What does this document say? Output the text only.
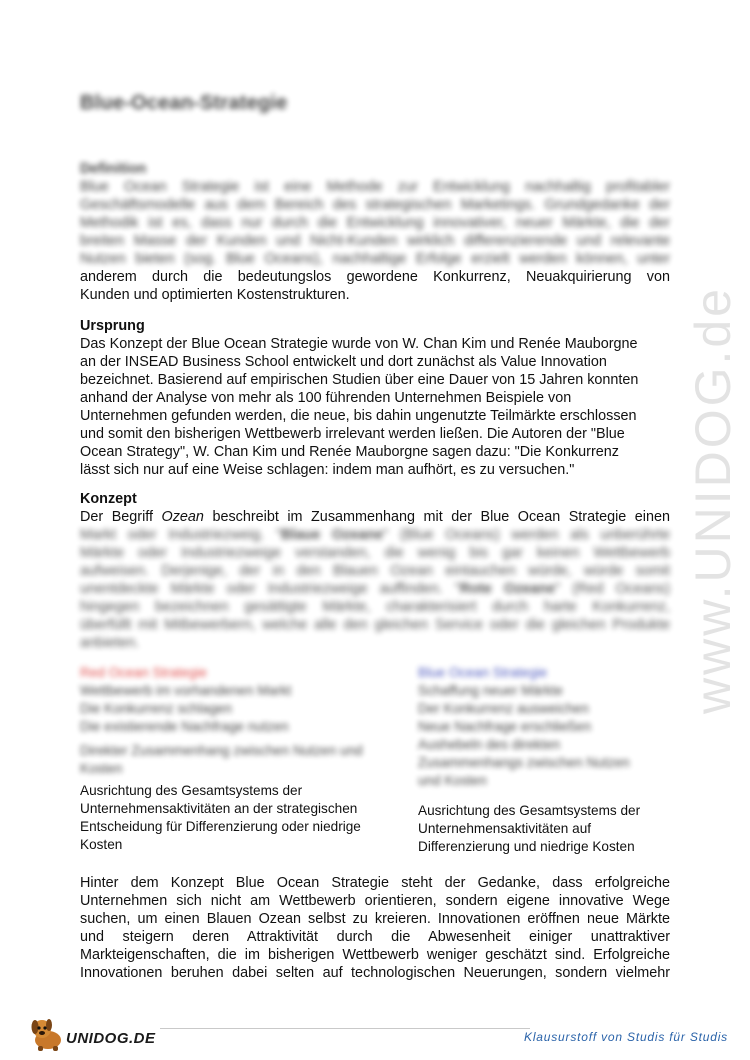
Blue-Ocean-Strategie
Definition
Blue Ocean Strategie ist eine Methode zur Entwicklung nachhaltig profitabler
Geschäftsmodelle aus dem Bereich des strategischen Marketings. Grundgedanke der
Methodik ist es, dass nur durch die Entwicklung innovativer, neuer Märkte, die der
breiten Masse der Kunden und Nicht-Kunden wirklich differenzierende und relevante
Nutzen bieten (sog. Blue Oceans), nachhaltige Erfolge erzielt werden können, unter
anderem durch die bedeutungslos gewordene Konkurrenz, Neuakquirierung von
Kunden und optimierten Kostenstrukturen.
Ursprung
Das Konzept der Blue Ocean Strategie wurde von W. Chan Kim und Renée Mauborgne
an der INSEAD Business School entwickelt und dort zunächst als Value Innovation
bezeichnet. Basierend auf empirischen Studien über eine Dauer von 15 Jahren konnten
anhand der Analyse von mehr als 100 führenden Unternehmen Beispiele von
Unternehmen gefunden werden, die neue, bis dahin ungenutzte Teilmärkte erschlossen
und somit den bisherigen Wettbewerb irrelevant werden ließen. Die Autoren der "Blue
Ocean Strategy", W. Chan Kim und Renée Mauborgne sagen dazu: "Die Konkurrenz
lässt sich nur auf eine Weise schlagen: indem man aufhört, es zu versuchen."
Konzept
Der Begriff Ozean beschreibt im Zusammenhang mit der Blue Ocean Strategie einen
Markt oder Industriezweig. "Blaue Ozeane" (Blue Oceans) werden als unberührte
Märkte oder Industriezweige verstanden, die wenig bis gar keinen Wettbewerb
aufweisen. Derjenige, der in den Blauen Ozean eintauchen würde, würde somit
unentdeckte Märkte oder Industriezweige auffinden. "Rote Ozeane" (Red Oceans)
hingegen bezeichnen gesättigte Märkte, charakterisiert durch harte Konkurrenz,
überfüllt mit Mitbewerbern, welche alle den gleichen Service oder die gleichen Produkte
anbieten.

Red Ocean Strategie

Wettbewerb im vorhandenen Markt

Die Konkurrenz schlagen

Die existierende Nachfrage nutzen

Direkter Zusammenhang zwischen Nutzen und

Kosten

Ausrichtung des Gesamtsystems der

Unternehmensaktivitäten an der strategischen

Entscheidung für Differenzierung oder niedrige

Kosten

Blue Ocean Strategie

Schaffung neuer Märkte

Der Konkurrenz ausweichen

Neue Nachfrage erschließen

Aushebeln des direkten

Zusammenhangs zwischen Nutzen

und Kosten

Ausrichtung des Gesamtsystems der

Unternehmensaktivitäten auf

Differenzierung und niedrige Kosten

Hinter dem Konzept Blue Ocean Strategie steht der Gedanke, dass erfolgreiche
Unternehmen sich nicht am Wettbewerb orientieren, sondern eigene innovative Wege
suchen, um einen Blauen Ozean selbst zu kreieren. Innovationen eröffnen neue Märkte
und steigern deren Attraktivität durch die Abwesenheit einiger unattraktiver
Markteigenschaften, die im bisherigen Wettbewerb weniger geschätzt sind. Erfolgreiche
Innovationen beruhen dabei selten auf technologischen Neuerungen, sondern vielmehr
www.UNIDOG.de
UNIDOG.DE	Klausurstoff von Studis für Studis
